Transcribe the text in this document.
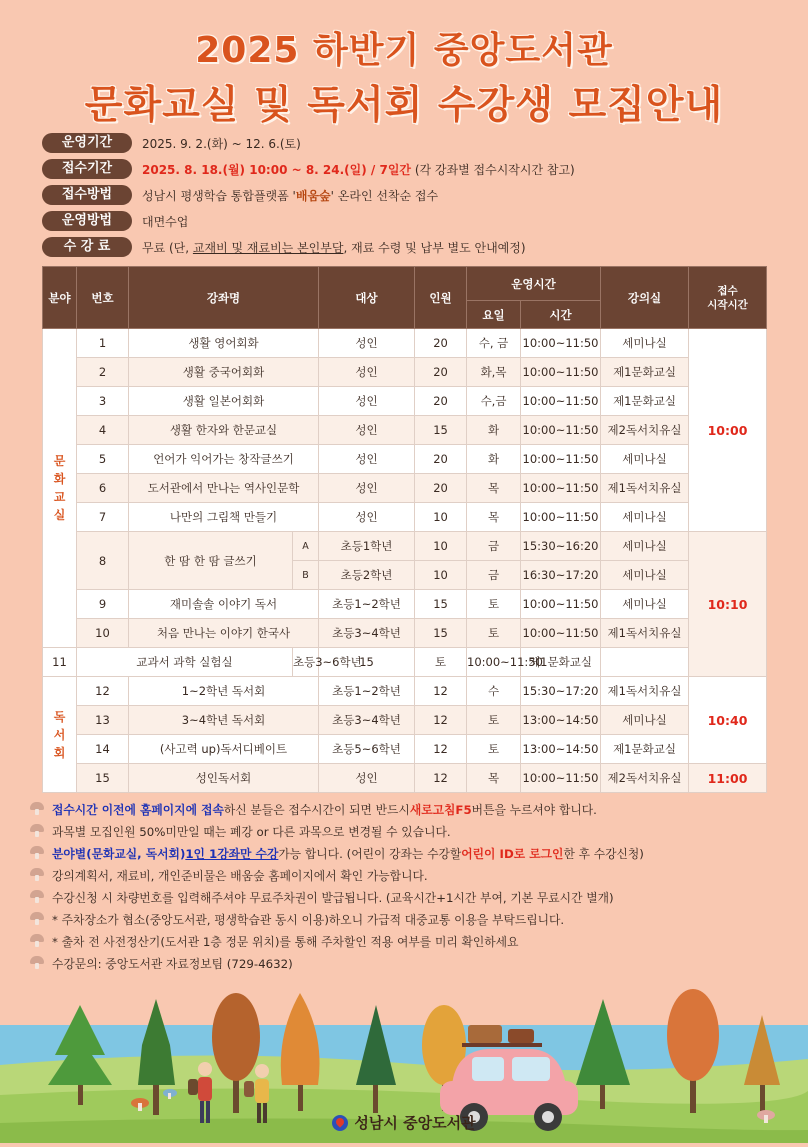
2025 하반기 중앙도서관
문화교실 및 독서회 수강생 모집안내
운영기간	2025. 9. 2.(화) ~ 12. 6.(토)
접수기간	2025. 8. 18.(월) 10:00 ~ 8. 24.(일) / 7일간 (각 강좌별 접수시작시간 참고)
접수방법	성남시 평생학습 통합플랫폼 '배움숲' 온라인 선착순 접수
운영방법	대면수업
수 강 료	무료 (단, 교재비 및 재료비는 본인부담, 재료 수령 및 납부 별도 안내예정)
분야	번호	강좌명		대상	인원	운영시간		강의실	접수
시작시간
						요일	시간		
문
화
교
실	1	생활 영어회화		성인	20	수, 금	10:00~11:50	세미나실	10:00
	2	생활 중국어회화		성인	20	화,목	10:00~11:50	제1문화교실	
	3	생활 일본어회화		성인	20	수,금	10:00~11:50	제1문화교실	
	4	생활 한자와 한문교실		성인	15	화	10:00~11:50	제2독서치유실	
	5	언어가 익어가는 창작글쓰기		성인	20	화	10:00~11:50	세미나실	
	6	도서관에서 만나는 역사인문학		성인	20	목	10:00~11:50	제1독서치유실	
	7	나만의 그림책 만들기		성인	10	목	10:00~11:50	세미나실	
	8	한 땀 한 땀 글쓰기	A	초등1학년	10	금	15:30~16:20	세미나실	10:10
			B	초등2학년	10	금	16:30~17:20	세미나실	
	9	재미솔솔 이야기 독서		초등1~2학년	15	토	10:00~11:50	세미나실	
	10	처음 만나는 이야기 한국사		초등3~4학년	15	토	10:00~11:50	제1독서치유실	
11	교과서 과학 실험실		초등3~6학년	15	토	10:00~11:50	제1문화교실		
독
서
회	12	1~2학년 독서회		초등1~2학년	12	수	15:30~17:20	제1독서치유실	10:40
	13	3~4학년 독서회		초등3~4학년	12	토	13:00~14:50	세미나실	
	14	(사고력 up)독서디베이트		초등5~6학년	12	토	13:00~14:50	제1문화교실	
	15	성인독서회		성인	12	목	10:00~11:50	제2독서치유실	11:00
접수시간 이전에 홈페이지에 접속 하신 분들은 접수시간이 되면 반드시 새로고침F5 버튼을 누르셔야 합니다.
과목별 모집인원 50%미만일 때는 폐강 or 다른 과목으로 변경될 수 있습니다.
분야별(문화교실, 독서회) 1인 1강좌만 수강 가능 합니다. (어린이 강좌는 수강할 어린이 ID로 로그인 한 후 수강신청)
강의계획서, 재료비, 개인준비물은 배움숲 홈페이지에서 확인 가능합니다.
수강신청 시 차량번호를 입력해주셔야 무료주차권이 발급됩니다. (교육시간+1시간 부여, 기본 무료시간 별개)
* 주차장소가 협소(중앙도서관, 평생학습관 동시 이용)하오니 가급적 대중교통 이용을 부탁드립니다.
* 출차 전 사전정산기(도서관 1층 정문 위치)를 통해 주차할인 적용 여부를 미리 확인하세요
수강문의: 중앙도서관 자료정보팀 (729-4632)
성남시 중앙도서관
